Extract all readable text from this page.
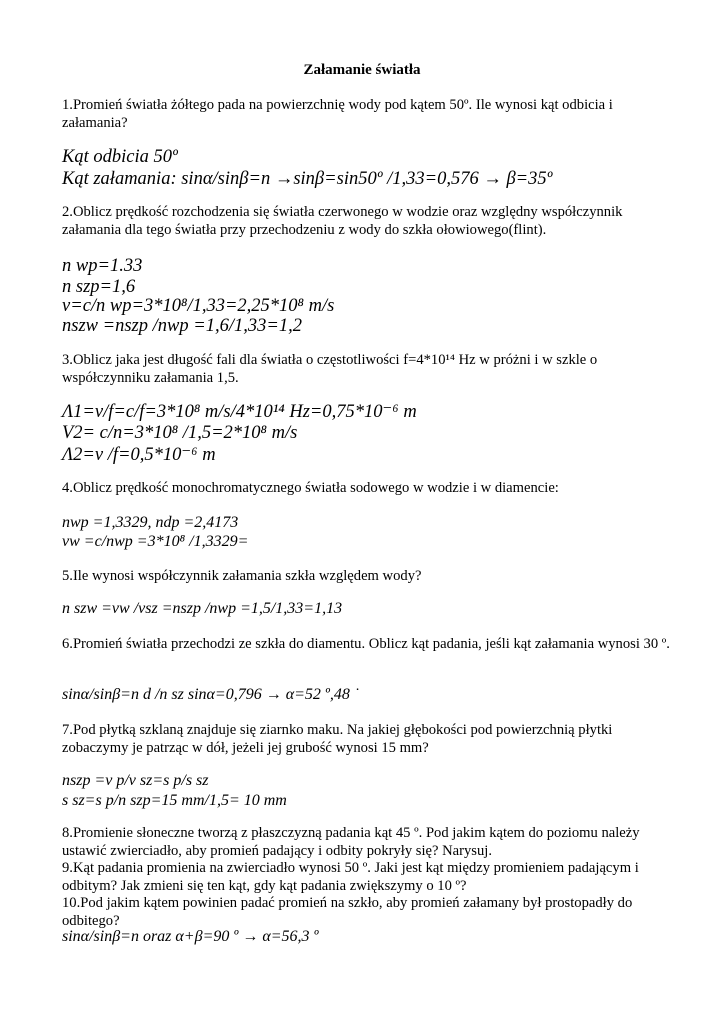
Załamanie światła
1.Promień światła żółtego pada na powierzchnię wody pod kątem 50º. Ile wynosi kąt odbicia i załamania?
Kąt odbicia 50º
Kąt załamania: sinα/sinβ=n →sinβ=sin50º /1,33=0,576 → β=35º
2.Oblicz prędkość rozchodzenia się światła czerwonego w wodzie oraz względny współczynnik załamania dla tego światła przy przechodzeniu z wody do szkła ołowiowego(flint).
n wp=1.33
n szp=1,6
v=c/n wp=3*10⁸/1,33=2,25*10⁸ m/s
nszw =nszp /nwp =1,6/1,33=1,2
3.Oblicz jaka jest długość fali dla światła o częstotliwości f=4*10¹⁴ Hz w próżni i w szkle o współczynniku załamania 1,5.
Λ1=v/f=c/f=3*10⁸ m/s/4*10¹⁴ Hz=0,75*10⁻⁶ m
V2= c/n=3*10⁸ /1,5=2*10⁸ m/s
Λ2=v /f=0,5*10⁻⁶ m
4.Oblicz prędkość monochromatycznego światła sodowego w wodzie i w diamencie:
nwp =1,3329, ndp =2,4173
vw =c/nwp =3*10⁸ /1,3329=
5.Ile wynosi współczynnik załamania szkła względem wody?
n szw =vw /vsz =nszp /nwp =1,5/1,33=1,13
6.Promień światła przechodzi ze szkła do diamentu. Oblicz kąt padania, jeśli kąt załamania wynosi 30 º.
sinα/sinβ=n d /n sz sinα=0,796 → α=52 º,48 ˙
7.Pod płytką szklaną znajduje się ziarnko maku. Na jakiej głębokości pod powierzchnią płytki zobaczymy je patrząc w dół, jeżeli jej grubość wynosi 15 mm?
nszp =v p/v sz=s p/s sz
s sz=s p/n szp=15 mm/1,5= 10 mm
8.Promienie słoneczne tworzą z płaszczyzną padania kąt 45 º. Pod jakim kątem do poziomu należy ustawić zwierciadło, aby promień padający i odbity pokryły się? Narysuj.
9.Kąt padania promienia na zwierciadło wynosi 50 º. Jaki jest kąt między promieniem padającym i odbitym? Jak zmieni się ten kąt, gdy kąt padania zwiększymy o 10 º?
10.Pod jakim kątem powinien padać promień na szkło, aby promień załamany był prostopadły do odbitego?
sinα/sinβ=n oraz α+β=90 º → α=56,3 º
